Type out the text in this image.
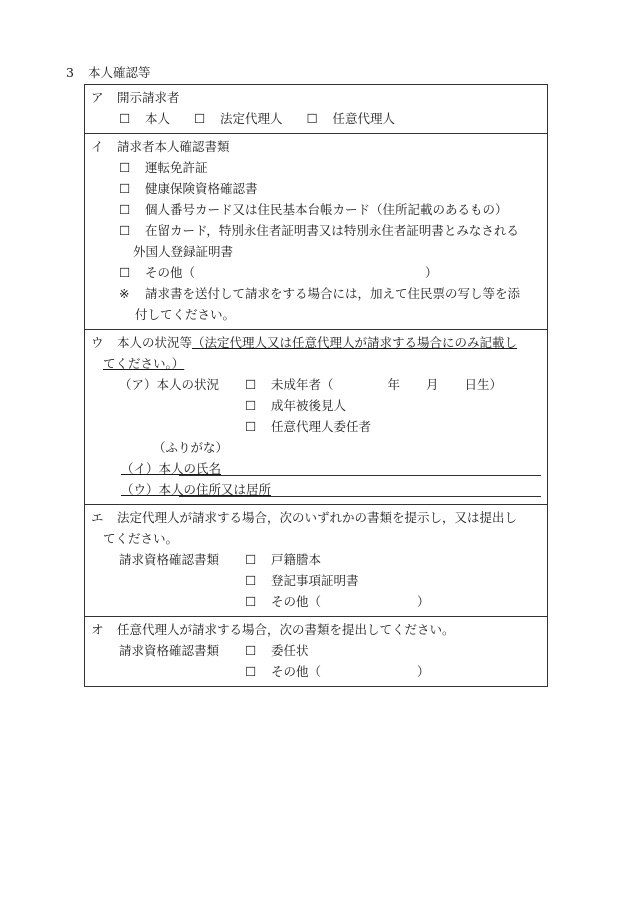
3 本人確認等
ア 開示請求者
☐ 本人 ☐ 法定代理人 ☐ 任意代理人
イ 請求者本人確認書類
☐ 運転免許証
☐ 健康保険資格確認書
☐ 個人番号カード又は住民基本台帳カード（住所記載のあるもの）
☐ 在留カード，特別永住者証明書又は特別永住者証明書とみなされる
外国人登録証明書
☐ その他（	）
※ 請求書を送付して請求をする場合には，加えて住民票の写し等を添
付してください。
ウ 本人の状況等（法定代理人又は任意代理人が請求する場合にのみ記載し
てください。）
（ア）本人の状況 ☐ 未成年者（	年 月 日生）
☐ 成年被後見人
☐ 任意代理人委任者
（ふりがな）
（イ）本人の氏名
（ウ）本人の住所又は居所
エ 法定代理人が請求する場合，次のいずれかの書類を提示し，又は提出し
てください。
請求資格確認書類 ☐ 戸籍謄本
☐ 登記事項証明書
☐ その他（	）
オ 任意代理人が請求する場合，次の書類を提出してください。
請求資格確認書類 ☐ 委任状
☐ その他（	）
